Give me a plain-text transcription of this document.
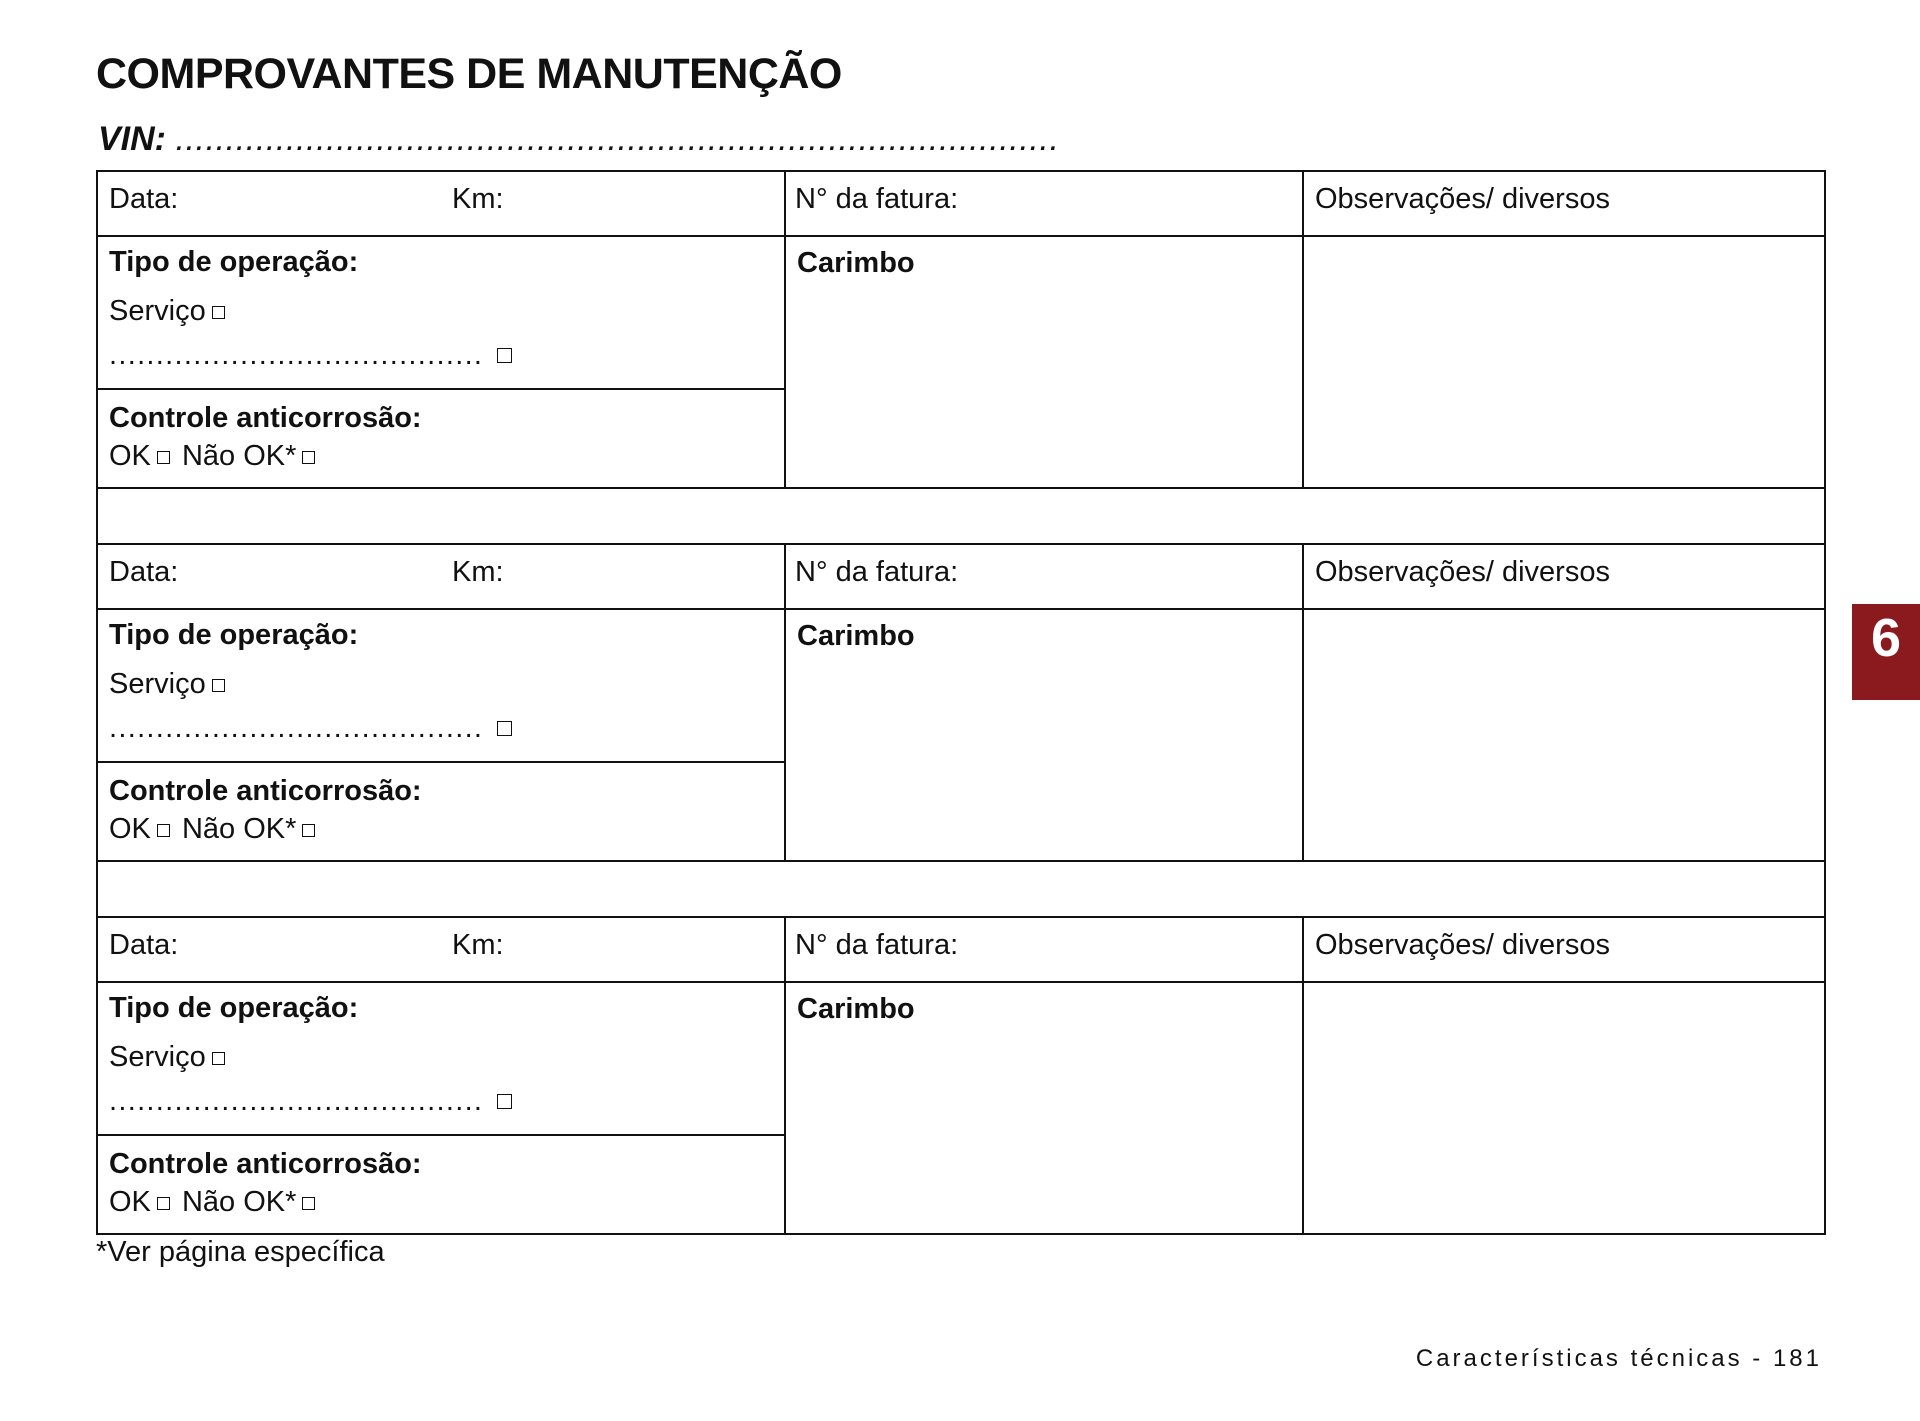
COMPROVANTES DE MANUTENÇÃO
VIN: ........................................................................................
Data: Km:	N° da fatura:	Observações/ diversos

Tipo de operação:
Serviço
........................................	Carimbo	

Controle anticorrosão:
OK Não OK*		

Data: Km:	N° da fatura:	Observações/ diversos

Tipo de operação:
Serviço
........................................	Carimbo	

Controle anticorrosão:
OK Não OK*		

Data: Km:	N° da fatura:	Observações/ diversos

Tipo de operação:
Serviço
........................................	Carimbo	

Controle anticorrosão:
OK Não OK*		
*Ver página específica
Características técnicas - 181
6
